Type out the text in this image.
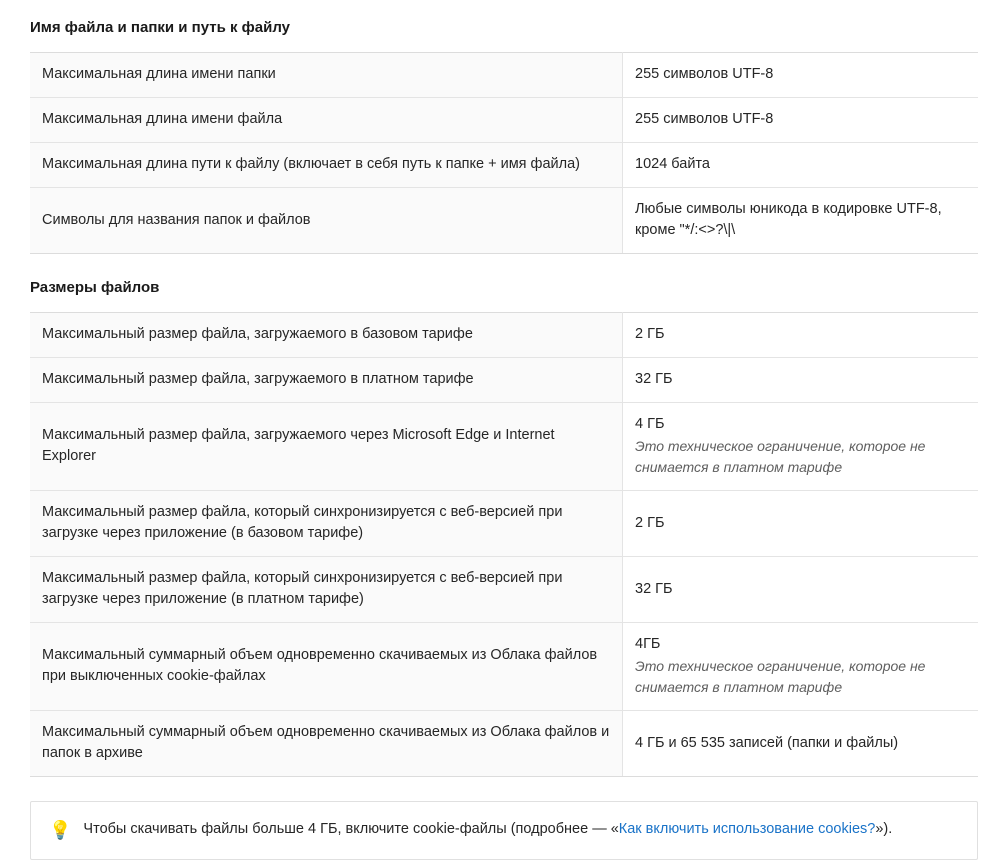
Имя файла и папки и путь к файлу
Максимальная длина имени папки	255 символов UTF-8
Максимальная длина имени файла	255 символов UTF-8
Максимальная длина пути к файлу (включает в себя путь к папке + имя файла)	1024 байта
Символы для названия папок и файлов	Любые символы юникода в кодировке UTF-8, кроме "*/:<>?\|\
Размеры файлов
Максимальный размер файла, загружаемого в базовом тарифе	2 ГБ
Максимальный размер файла, загружаемого в платном тарифе	32 ГБ
Максимальный размер файла, загружаемого через Microsoft Edge и Internet Explorer	4 ГБ
Это техническое ограничение, которое не снимается в платном тарифе

Максимальный размер файла, который синхронизируется с веб-версией при загрузке через приложение (в базовом тарифе)	2 ГБ
Максимальный размер файла, который синхронизируется с веб-версией при загрузке через приложение (в платном тарифе)	32 ГБ
Максимальный суммарный объем одновременно скачиваемых из Облака файлов при выключенных cookie-файлах	4ГБ
Это техническое ограничение, которое не снимается в платном тарифе

Максимальный суммарный объем одновременно скачиваемых из Облака файлов и папок в архиве	4 ГБ и 65 535 записей (папки и файлы)
💡 Чтобы скачивать файлы больше 4 ГБ, включите cookie-файлы (подробнее — «Как включить использование cookies?»).
